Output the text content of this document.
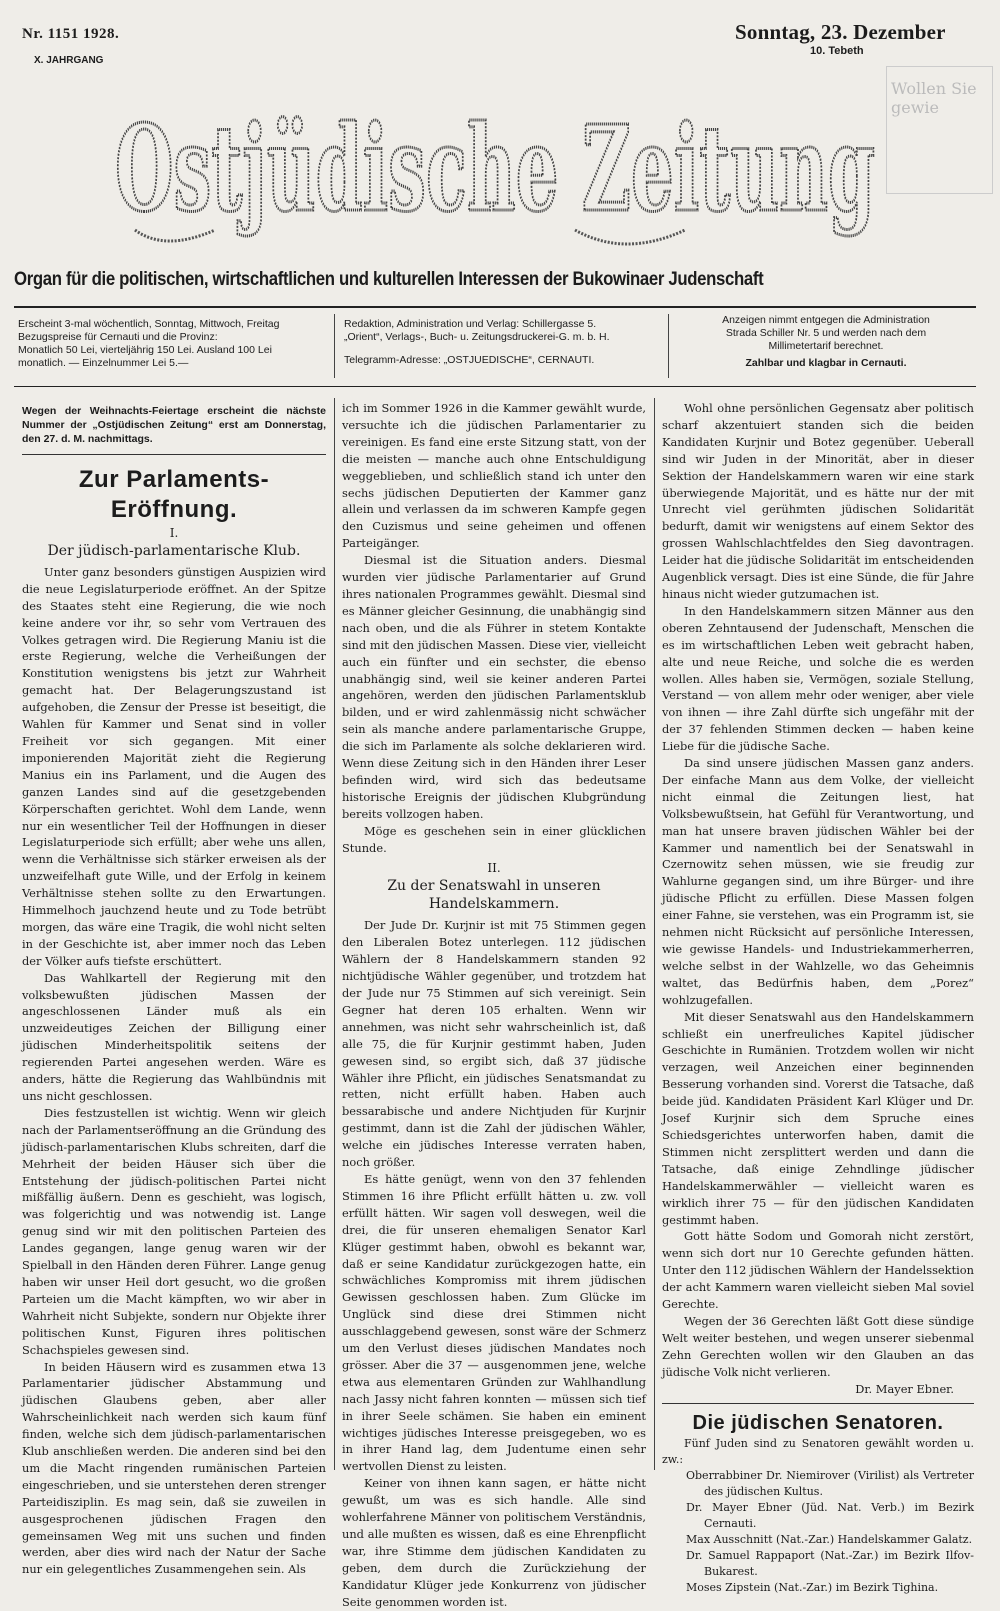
Nr. 1151 1928.
X. JAHRGANG
Sonntag, 23. Dezember
10. Tebeth
Ostjüdische Zeitung
Wollen Sie gewie
Organ für die politischen, wirtschaftlichen und kulturellen Interessen der Bukowinaer Judenschaft
Erscheint 3-mal wöchentlich, Sonntag, Mittwoch, Freitag
Bezugspreise für Cernauti und die Provinz:
Monatlich 50 Lei, vierteljährig 150 Lei. Ausland 100 Lei
monatlich. — Einzelnummer Lei 5.—
Redaktion, Administration und Verlag: Schillergasse 5.
„Orient“, Verlags-, Buch- u. Zeitungsdruckerei-G. m. b. H.
Telegramm-Adresse: „OSTJUEDISCHE“, CERNAUTI.
Anzeigen nimmt entgegen die Administration
Strada Schiller Nr. 5 und werden nach dem
Millimetertarif berechnet.
Zahlbar und klagbar in Cernauti.
Wegen der Weihnachts-Feiertage erscheint die nächste Nummer der „Ostjüdischen Zeitung“ erst am Donnerstag, den 27. d. M. nachmittags.
Zur Parlaments-
Eröffnung.
I.
Der jüdisch-parlamentarische Klub.

Unter ganz besonders günstigen Auspizien wird die neue Legislaturperiode eröffnet. An der Spitze des Staates steht eine Regierung, die wie noch keine andere vor ihr, so sehr vom Vertrauen des Volkes getragen wird. Die Regierung Maniu ist die erste Regierung, welche die Verheißungen der Konstitution wenigstens bis jetzt zur Wahrheit gemacht hat. Der Belagerungszustand ist aufgehoben, die Zensur der Presse ist beseitigt, die Wahlen für Kammer und Senat sind in voller Freiheit vor sich gegangen. Mit einer imponierenden Majorität zieht die Regierung Manius ein ins Parlament, und die Augen des ganzen Landes sind auf die gesetzgebenden Körperschaften gerichtet. Wohl dem Lande, wenn nur ein wesentlicher Teil der Hoffnungen in dieser Legislaturperiode sich erfüllt; aber wehe uns allen, wenn die Verhältnisse sich stärker erweisen als der unzweifelhaft gute Wille, und der Erfolg in keinem Verhältnisse stehen sollte zu den Erwartungen. Himmelhoch jauchzend heute und zu Tode betrübt morgen, das wäre eine Tragik, die wohl nicht selten in der Geschichte ist, aber immer noch das Leben der Völker aufs tiefste erschüttert.

Das Wahlkartell der Regierung mit den volksbewußten jüdischen Massen der angeschlossenen Länder muß als ein unzweideutiges Zeichen der Billigung einer jüdischen Minderheitspolitik seitens der regierenden Partei angesehen werden. Wäre es anders, hätte die Regierung das Wahlbündnis mit uns nicht geschlossen.

Dies festzustellen ist wichtig. Wenn wir gleich nach der Parlamentseröffnung an die Gründung des jüdisch-parlamentarischen Klubs schreiten, darf die Mehrheit der beiden Häuser sich über die Entstehung der jüdisch-politischen Partei nicht mißfällig äußern. Denn es geschieht, was logisch, was folgerichtig und was notwendig ist. Lange genug sind wir mit den politischen Parteien des Landes gegangen, lange genug waren wir der Spielball in den Händen deren Führer. Lange genug haben wir unser Heil dort gesucht, wo die großen Parteien um die Macht kämpften, wo wir aber in Wahrheit nicht Subjekte, sondern nur Objekte ihrer politischen Kunst, Figuren ihres politischen Schachspieles gewesen sind.

In beiden Häusern wird es zusammen etwa 13 Parlamentarier jüdischer Abstammung und jüdischen Glaubens geben, aber aller Wahrscheinlichkeit nach werden sich kaum fünf finden, welche sich dem jüdisch-parlamentarischen Klub anschließen werden. Die anderen sind bei den um die Macht ringenden rumänischen Parteien eingeschrieben, und sie unterstehen deren strenger Parteidisziplin. Es mag sein, daß sie zuweilen in ausgesprochenen jüdischen Fragen den gemeinsamen Weg mit uns suchen und finden werden, aber dies wird nach der Natur der Sache nur ein gelegentliches Zusammengehen sein. Als

ich im Sommer 1926 in die Kammer gewählt wurde, versuchte ich die jüdischen Parlamentarier zu vereinigen. Es fand eine erste Sitzung statt, von der die meisten — manche auch ohne Entschuldigung weggeblieben, und schließlich stand ich unter den sechs jüdischen Deputierten der Kammer ganz allein und verlassen da im schweren Kampfe gegen den Cuzismus und seine geheimen und offenen Parteigänger.

Diesmal ist die Situation anders. Diesmal wurden vier jüdische Parlamentarier auf Grund ihres nationalen Programmes gewählt. Diesmal sind es Männer gleicher Gesinnung, die unabhängig sind nach oben, und die als Führer in stetem Kontakte sind mit den jüdischen Massen. Diese vier, vielleicht auch ein fünfter und ein sechster, die ebenso unabhängig sind, weil sie keiner anderen Partei angehören, werden den jüdischen Parlamentsklub bilden, und er wird zahlenmässig nicht schwächer sein als manche andere parlamentarische Gruppe, die sich im Parlamente als solche deklarieren wird. Wenn diese Zeitung sich in den Händen ihrer Leser befinden wird, wird sich das bedeutsame historische Ereignis der jüdischen Klubgründung bereits vollzogen haben.

Möge es geschehen sein in einer glücklichen Stunde.

II.
Zu der Senatswahl in unseren
Handelskammern.

Der Jude Dr. Kurjnir ist mit 75 Stimmen gegen den Liberalen Botez unterlegen. 112 jüdischen Wählern der 8 Handelskammern standen 92 nichtjüdische Wähler gegenüber, und trotzdem hat der Jude nur 75 Stimmen auf sich vereinigt. Sein Gegner hat deren 105 erhalten. Wenn wir annehmen, was nicht sehr wahrscheinlich ist, daß alle 75, die für Kurjnir gestimmt haben, Juden gewesen sind, so ergibt sich, daß 37 jüdische Wähler ihre Pflicht, ein jüdisches Senatsmandat zu retten, nicht erfüllt haben. Haben auch bessarabische und andere Nichtjuden für Kurjnir gestimmt, dann ist die Zahl der jüdischen Wähler, welche ein jüdisches Interesse verraten haben, noch größer.

Es hätte genügt, wenn von den 37 fehlenden Stimmen 16 ihre Pflicht erfüllt hätten u. zw. voll erfüllt hätten. Wir sagen voll deswegen, weil die drei, die für unseren ehemaligen Senator Karl Klüger gestimmt haben, obwohl es bekannt war, daß er seine Kandidatur zurückgezogen hatte, ein schwächliches Kompromiss mit ihrem jüdischen Gewissen geschlossen haben. Zum Glücke im Unglück sind diese drei Stimmen nicht ausschlaggebend gewesen, sonst wäre der Schmerz um den Verlust dieses jüdischen Mandates noch grösser. Aber die 37 — ausgenommen jene, welche etwa aus elementaren Gründen zur Wahlhandlung nach Jassy nicht fahren konnten — müssen sich tief in ihrer Seele schämen. Sie haben ein eminent wichtiges jüdisches Interesse preisgegeben, wo es in ihrer Hand lag, dem Judentume einen sehr wertvollen Dienst zu leisten.

Keiner von ihnen kann sagen, er hätte nicht gewußt, um was es sich handle. Alle sind wohlerfahrene Männer von politischem Verständnis, und alle mußten es wissen, daß es eine Ehrenpflicht war, ihre Stimme dem jüdischen Kandidaten zu geben, dem durch die Zurückziehung der Kandidatur Klüger jede Konkurrenz von jüdischer Seite genommen worden ist.

Wohl ohne persönlichen Gegensatz aber politisch scharf akzentuiert standen sich die beiden Kandidaten Kurjnir und Botez gegenüber. Ueberall sind wir Juden in der Minorität, aber in dieser Sektion der Handelskammern waren wir eine stark überwiegende Majorität, und es hätte nur der mit Unrecht viel gerühmten jüdischen Solidarität bedurft, damit wir wenigstens auf einem Sektor des grossen Wahlschlachtfeldes den Sieg davontragen. Leider hat die jüdische Solidarität im entscheidenden Augenblick versagt. Dies ist eine Sünde, die für Jahre hinaus nicht wieder gutzumachen ist.

In den Handelskammern sitzen Männer aus den oberen Zehntausend der Judenschaft, Menschen die es im wirtschaftlichen Leben weit gebracht haben, alte und neue Reiche, und solche die es werden wollen. Alles haben sie, Vermögen, soziale Stellung, Verstand — von allem mehr oder weniger, aber viele von ihnen — ihre Zahl dürfte sich ungefähr mit der der 37 fehlenden Stimmen decken — haben keine Liebe für die jüdische Sache.

Da sind unsere jüdischen Massen ganz anders. Der einfache Mann aus dem Volke, der vielleicht nicht einmal die Zeitungen liest, hat Volksbewußtsein, hat Gefühl für Verantwortung, und man hat unsere braven jüdischen Wähler bei der Kammer und namentlich bei der Senatswahl in Czernowitz sehen müssen, wie sie freudig zur Wahlurne gegangen sind, um ihre Bürger- und ihre jüdische Pflicht zu erfüllen. Diese Massen folgen einer Fahne, sie verstehen, was ein Programm ist, sie nehmen nicht Rücksicht auf persönliche Interessen, wie gewisse Handels- und Industriekammerherren, welche selbst in der Wahlzelle, wo das Geheimnis waltet, das Bedürfnis haben, dem „Porez“ wohlzugefallen.

Mit dieser Senatswahl aus den Handelskammern schließt ein unerfreuliches Kapitel jüdischer Geschichte in Rumänien. Trotzdem wollen wir nicht verzagen, weil Anzeichen einer beginnenden Besserung vorhanden sind. Vorerst die Tatsache, daß beide jüd. Kandidaten Präsident Karl Klüger und Dr. Josef Kurjnir sich dem Spruche eines Schiedsgerichtes unterworfen haben, damit die Stimmen nicht zersplittert werden und dann die Tatsache, daß einige Zehndlinge jüdischer Handelskammerwähler — vielleicht waren es wirklich ihrer 75 — für den jüdischen Kandidaten gestimmt haben.

Gott hätte Sodom und Gomorah nicht zerstört, wenn sich dort nur 10 Gerechte gefunden hätten. Unter den 112 jüdischen Wählern der Handelssektion der acht Kammern waren vielleicht sieben Mal soviel Gerechte.

Wegen der 36 Gerechten läßt Gott diese sündige Welt weiter bestehen, und wegen unserer siebenmal Zehn Gerechten wollen wir den Glauben an das jüdische Volk nicht verlieren.

Dr. Mayer Ebner.
Die jüdischen Senatoren.

Fünf Juden sind zu Senatoren gewählt worden u. zw.:

Oberrabbiner Dr. Niemirover (Virilist) als Vertreter des jüdischen Kultus.
Dr. Mayer Ebner (Jüd. Nat. Verb.) im Bezirk Cernauti.
Max Ausschnitt (Nat.-Zar.) Handelskammer Galatz.
Dr. Samuel Rappaport (Nat.-Zar.) im Bezirk Ilfov-Bukarest.
Moses Zipstein (Nat.-Zar.) im Bezirk Tighina.
